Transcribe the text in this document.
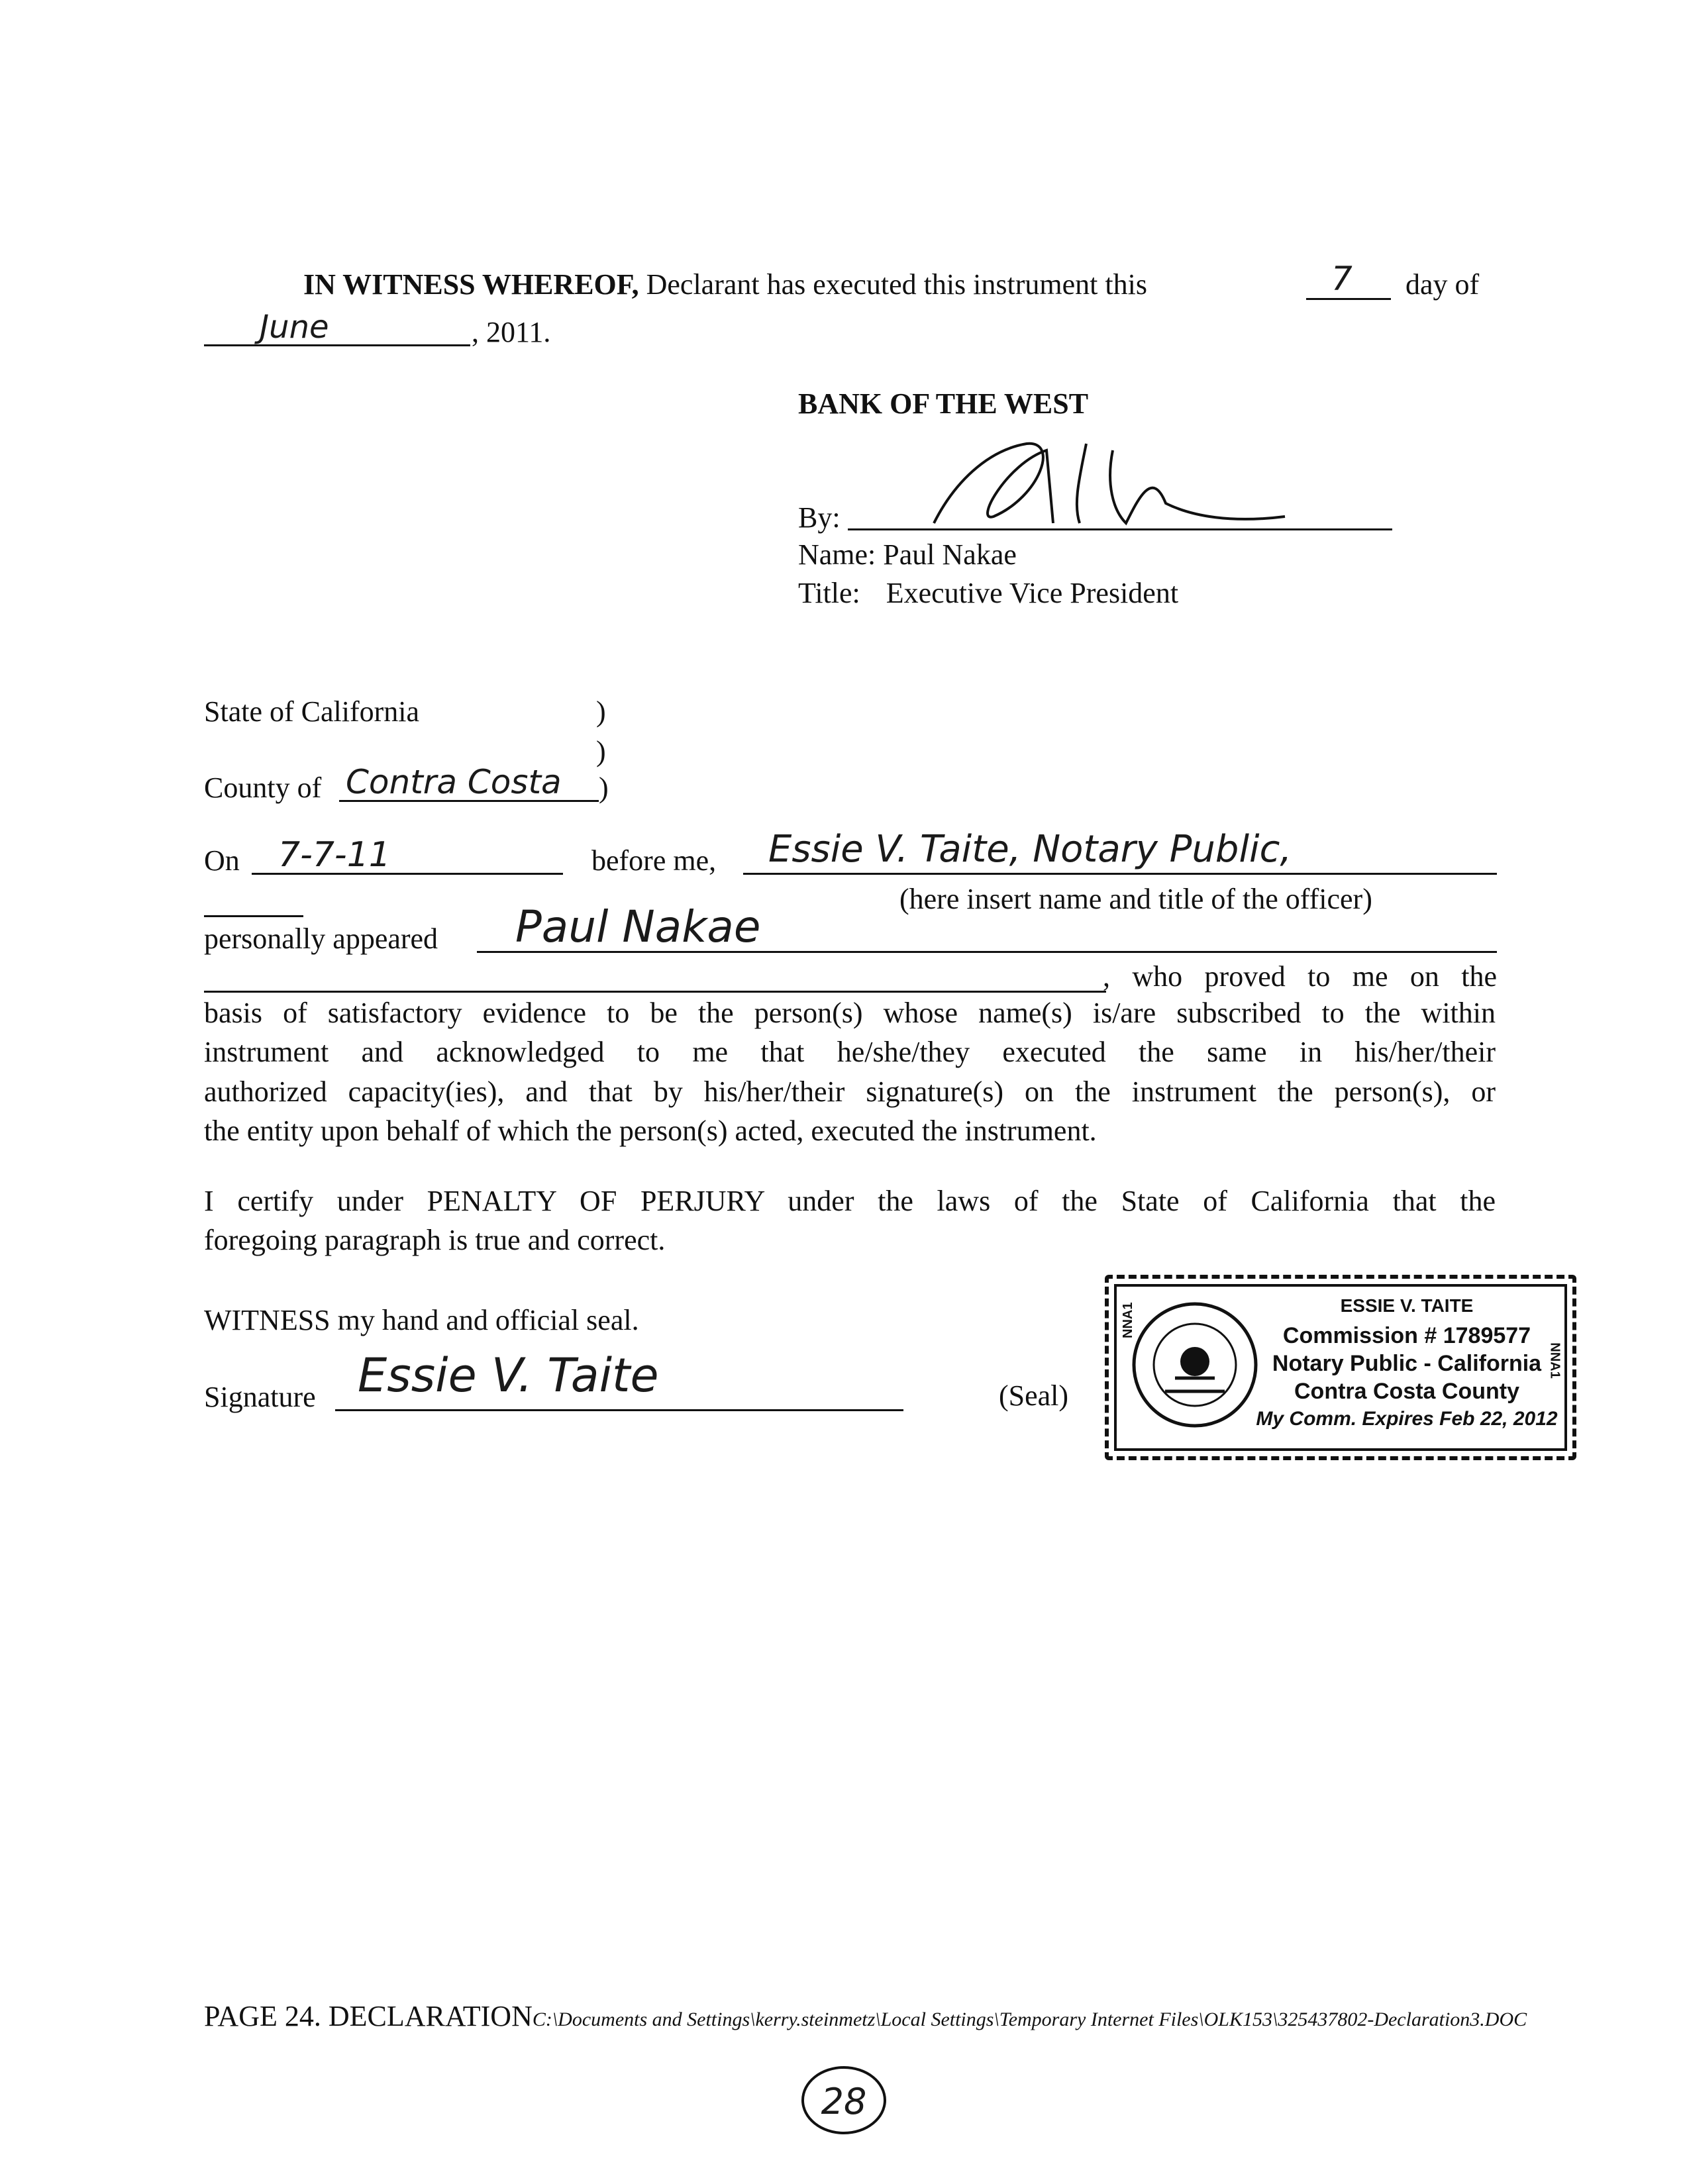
IN WITNESS WHEREOF, Declarant has executed this instrument this	7 day of
June	, 2011.
BANK OF THE WEST
By:
Name: Paul Nakae
Title: Executive Vice President
State of California	)
)
County of Contra Costa )
On 7-7-11	before me, Essie V. Taite, Notary Public,
(here insert name and title of the officer)
personally appeared Paul Nakae
, who proved to me on the
basis of satisfactory evidence to be the person(s) whose name(s) is/are subscribed to the within
instrument and acknowledged to me that he/she/they executed the same in his/her/their
authorized capacity(ies), and that by his/her/their signature(s) on the instrument the person(s), or
the entity upon behalf of which the person(s) acted, executed the instrument.
I certify under PENALTY OF PERJURY under the laws of the State of California that the
foregoing paragraph is true and correct.
WITNESS my hand and official seal.
Signature Essie V. Taite	(Seal)
NNA1
NNA1
ESSIE V. TAITE
Commission # 1789577
Notary Public - California
Contra Costa County
My Comm. Expires Feb 22, 2012
PAGE 24. DECLARATIONC:\Documents and Settings\kerry.steinmetz\Local Settings\Temporary Internet Files\OLK153\325437802-Declaration3.DOC
28
